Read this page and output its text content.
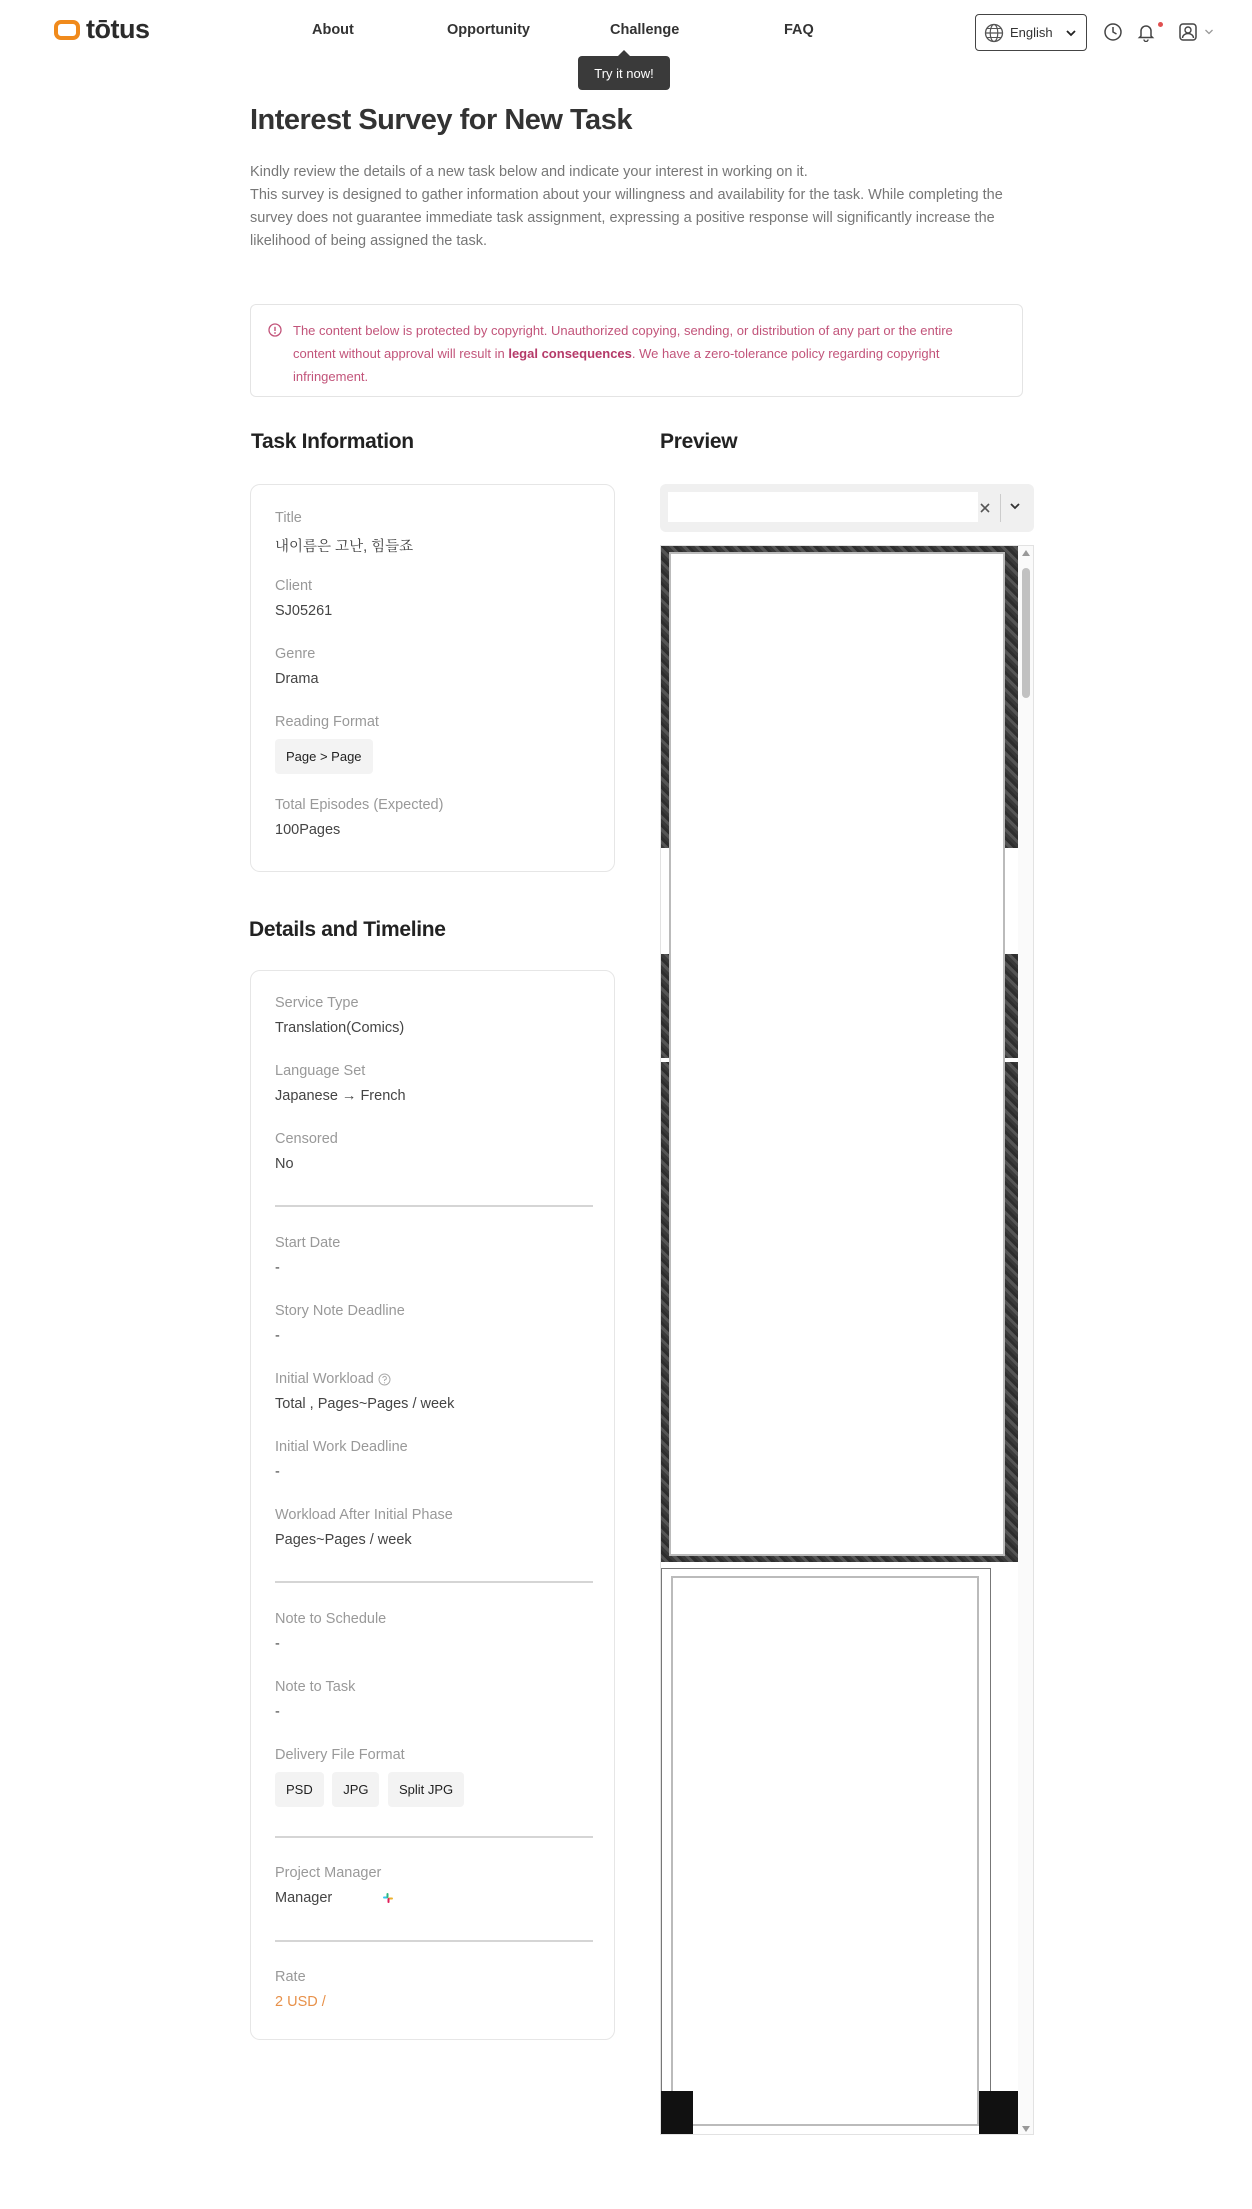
tōtus	About	Opportunity	Challenge	FAQ
Try it now!
English
Interest Survey for New Task

Kindly review the details of a new task below and indicate your interest in working on it.

This survey is designed to gather information about your willingness and availability for the task. While completing the survey does not guarantee immediate task assignment, expressing a positive response will significantly increase the likelihood of being assigned the task.

The content below is protected by copyright. Unauthorized copying, sending, or distribution of any part or the entire content without approval will result in legal consequences. We have a zero-tolerance policy regarding copyright infringement.
Task Information
Title
내이름은 고난, 힘들죠
Client
SJ05261
Genre
Drama
Reading Format
Page > Page
Total Episodes (Expected)
100Pages
Details and Timeline
Service Type
Translation(Comics)
Language Set
Japanese → French
Censored
No
Start Date
-
Story Note Deadline
-
Initial Workload
Total , Pages~Pages / week
Initial Work Deadline
-
Workload After Initial Phase
Pages~Pages / week
Note to Schedule
-
Note to Task
-
Delivery File Format
PSD JPG Split JPG
Project Manager
Manager
Rate
2 USD /
Preview
